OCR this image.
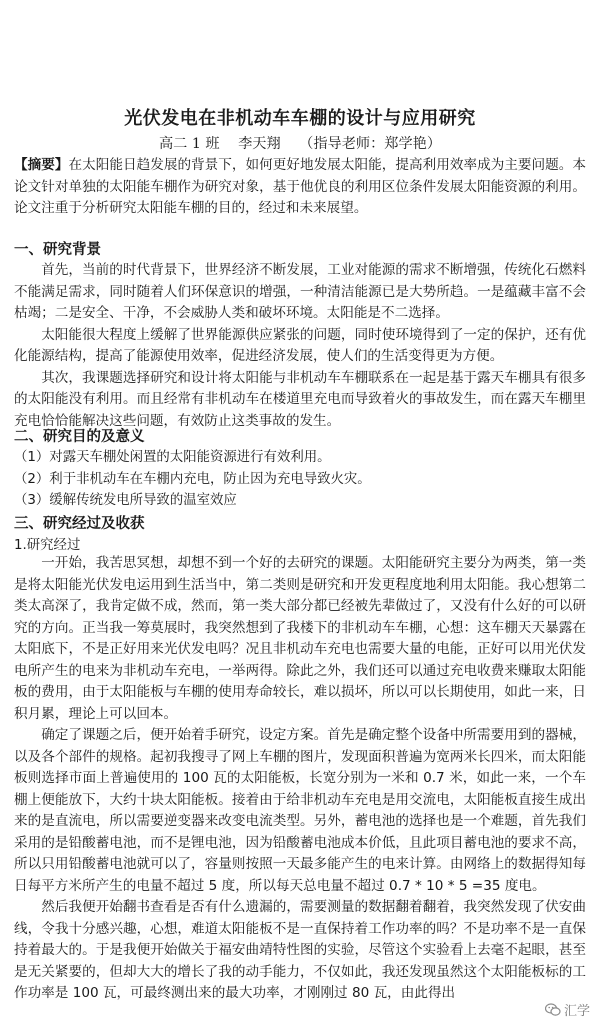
光伏发电在非机动车车棚的设计与应用研究
高二 1 班 李天翔 （指导老师：郑学艳）
【摘要】在太阳能日趋发展的背景下，如何更好地发展太阳能，提高利用效率成为主要问题。本论文针对单独的太阳能车棚作为研究对象，基于他优良的利用区位条件发展太阳能资源的利用。论文注重于分析研究太阳能车棚的目的，经过和未来展望。
一、研究背景

首先，当前的时代背景下，世界经济不断发展，工业对能源的需求不断增强，传统化石燃料不能满足需求，同时随着人们环保意识的增强，一种清洁能源已是大势所趋。一是蕴藏丰富不会枯竭；二是安全、干净，不会威胁人类和破坏环境。太阳能是不二选择。

太阳能很大程度上缓解了世界能源供应紧张的问题，同时使环境得到了一定的保护，还有优化能源结构，提高了能源使用效率，促进经济发展，使人们的生活变得更为方便。

其次，我课题选择研究和设计将太阳能与非机动车车棚联系在一起是基于露天车棚具有很多的太阳能没有利用。而且经常有非机动车在楼道里充电而导致着火的事故发生，而在露天车棚里充电恰恰能解决这些问题，有效防止这类事故的发生。

二、研究目的及意义
（1）对露天车棚处闲置的太阳能资源进行有效利用。
（2）利于非机动车在车棚内充电，防止因为充电导致火灾。
（3）缓解传统发电所导致的温室效应
三、研究经过及收获
1.研究经过

一开始，我苦思冥想，却想不到一个好的去研究的课题。太阳能研究主要分为两类，第一类是将太阳能光伏发电运用到生活当中，第二类则是研究和开发更程度地利用太阳能。我心想第二类太高深了，我肯定做不成，然而，第一类大部分都已经被先辈做过了，又没有什么好的可以研究的方向。正当我一筹莫展时，我突然想到了我楼下的非机动车车棚，心想：这车棚天天暴露在太阳底下，不是正好用来光伏发电吗？况且非机动车充电也需要大量的电能，正好可以用光伏发电所产生的电来为非机动车充电，一举两得。除此之外，我们还可以通过充电收费来赚取太阳能板的费用，由于太阳能板与车棚的使用寿命较长，难以损坏，所以可以长期使用，如此一来，日积月累，理论上可以回本。

确定了课题之后，便开始着手研究，设定方案。首先是确定整个设备中所需要用到的器械，以及各个部件的规格。起初我搜寻了网上车棚的图片，发现面积普遍为宽两米长四米，而太阳能板则选择市面上普遍使用的 100 瓦的太阳能板，长宽分别为一米和 0.7 米，如此一来，一个车棚上便能放下，大约十块太阳能板。接着由于给非机动车充电是用交流电，太阳能板直接生成出来的是直流电，所以需要逆变器来改变电流类型。另外，蓄电池的选择也是一个难题，首先我们采用的是铅酸蓄电池，而不是锂电池，因为铅酸蓄电池成本价低，且此项目蓄电池的要求不高，所以只用铅酸蓄电池就可以了，容量则按照一天最多能产生的电来计算。由网络上的数据得知每日每平方米所产生的电量不超过 5 度，所以每天总电量不超过 0.7 * 10 * 5 =35 度电。

然后我便开始翻书查看是否有什么遗漏的，需要测量的数据翻着翻着，我突然发现了伏安曲线，令我十分感兴趣，心想，难道太阳能板不是一直保持着工作功率的吗？不是功率不是一直保持着最大的。于是我便开始做关于福安曲靖特性图的实验，尽管这个实验看上去毫不起眼，甚至是无关紧要的，但却大大的增长了我的动手能力，不仅如此，我还发现虽然这个太阳能板标的工作功率是 100 瓦，可最终测出来的最大功率，才刚刚过 80 瓦，由此得出

汇学
